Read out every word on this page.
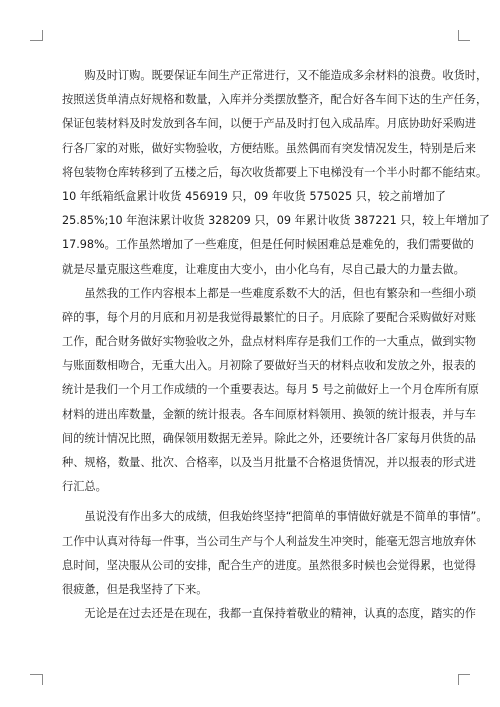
　　购及时订购。既要保证车间生产正常进行，又不能造成多余材料的浪费。收货时，
按照送货单清点好规格和数量，入库并分类摆放整齐，配合好各车间下达的生产任务，
保证包装材料及时发放到各车间，以便于产品及时打包入成品库。月底协助好采购进
行各厂家的对账，做好实物验收，方便结账。虽然偶而有突发情况发生，特别是后来
将包装物仓库转移到了五楼之后，每次收货都要上下电梯没有一个半小时都不能结束。
10 年纸箱纸盒累计收货 456919 只，09 年收货 575025 只，较之前增加了
25.85%;10 年泡沫累计收货 328209 只，09 年累计收货 387221 只，较上年增加了
17.98%。工作虽然增加了一些难度，但是任何时候困难总是难免的，我们需要做的
就是尽量克服这些难度，让难度由大变小，由小化乌有，尽自己最大的力量去做。
　　虽然我的工作内容根本上都是一些难度系数不大的活，但也有繁杂和一些细小琐
碎的事，每个月的月底和月初是我觉得最繁忙的日子。月底除了要配合采购做好对账
工作，配合财务做好实物验收之外，盘点材料库存是我们工作的一大重点，做到实物
与账面数相吻合，无重大出入。月初除了要做好当天的材料点收和发放之外，报表的
统计是我们一个月工作成绩的一个重要表达。每月 5 号之前做好上一个月仓库所有原
材料的进出库数量，金额的统计报表。各车间原材料领用、换领的统计报表，并与车
间的统计情况比照，确保领用数据无差异。除此之外，还要统计各厂家每月供货的品
种、规格，数量、批次、合格率，以及当月批量不合格退货情况，并以报表的形式进
行汇总。
　　虽说没有作出多大的成绩，但我始终坚持“把简单的事情做好就是不简单的事情”。
工作中认真对待每一件事，当公司生产与个人利益发生冲突时，能毫无怨言地放弃休
息时间，坚决服从公司的安排，配合生产的进度。虽然很多时候也会觉得累，也觉得
很疲惫，但是我坚持了下来。
　　无论是在过去还是在现在，我都一直保持着敬业的精神，认真的态度，踏实的作
